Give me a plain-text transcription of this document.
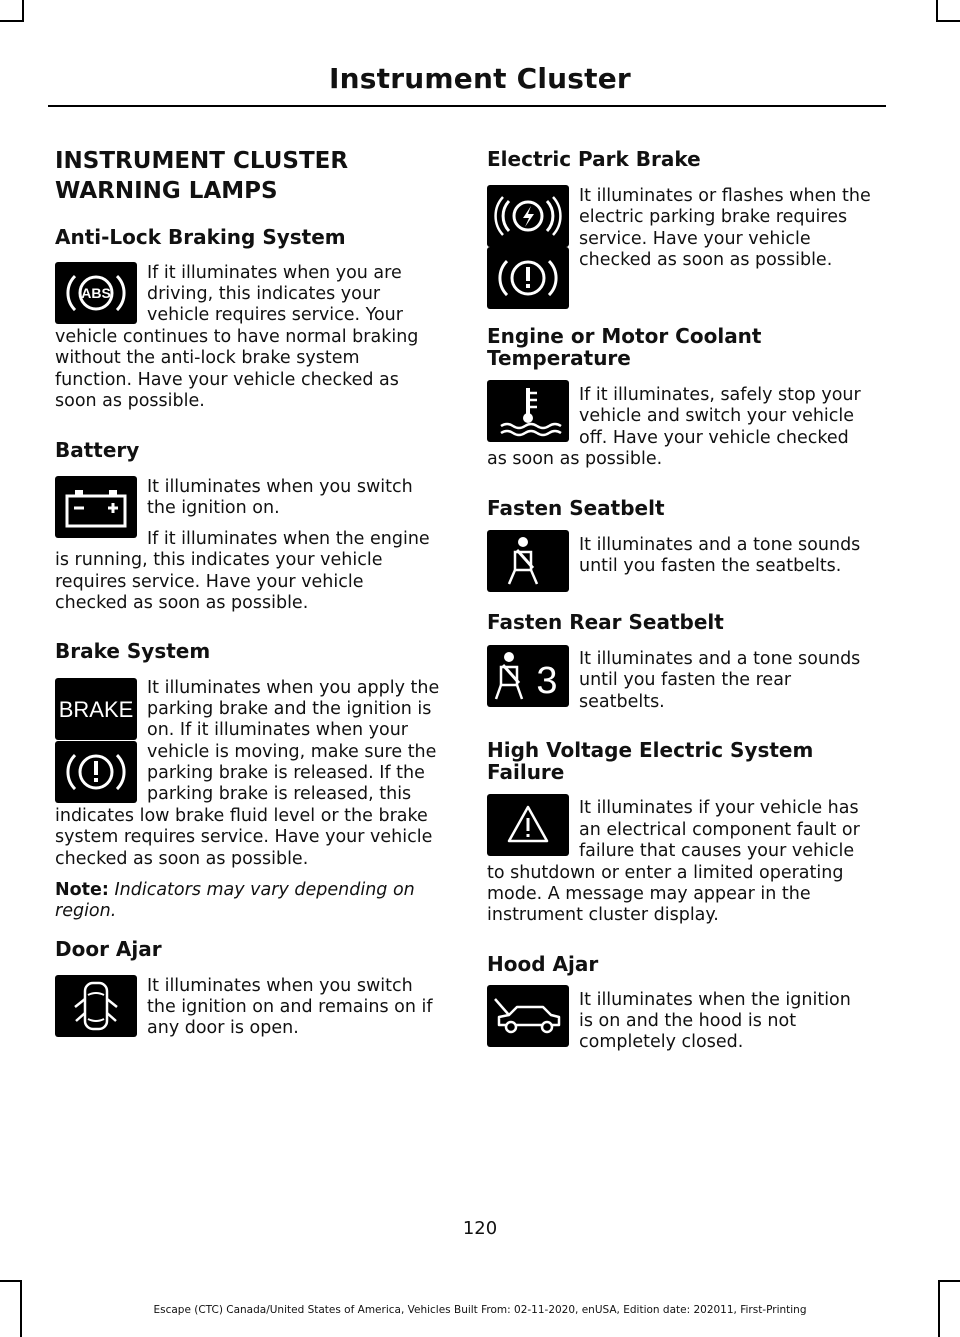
Instrument Cluster
INSTRUMENT CLUSTER
WARNING LAMPS
Anti-Lock Braking System
ABS

If it illuminates when you are

driving, this indicates your

vehicle requires service. Your

vehicle continues to have normal braking

without the anti-lock brake system

function. Have your vehicle checked as

soon as possible.

Battery

It illuminates when you switch

the ignition on.

If it illuminates when the engine

is running, this indicates your vehicle

requires service. Have your vehicle

checked as soon as possible.

Brake System
BRAKE

It illuminates when you apply the

parking brake and the ignition is

on. If it illuminates when your

vehicle is moving, make sure the

parking brake is released. If the

parking brake is released, this

indicates low brake fluid level or the brake

system requires service. Have your vehicle

checked as soon as possible.

Note: Indicators may vary depending on

region.

Door Ajar

It illuminates when you switch

the ignition on and remains on if

any door is open.

Electric Park Brake

It illuminates or flashes when the

electric parking brake requires

service. Have your vehicle

checked as soon as possible.

Engine or Motor Coolant
Temperature

If it illuminates, safely stop your

vehicle and switch your vehicle

off. Have your vehicle checked

as soon as possible.

Fasten Seatbelt

It illuminates and a tone sounds

until you fasten the seatbelts.

Fasten Rear Seatbelt
3

It illuminates and a tone sounds

until you fasten the rear

seatbelts.

High Voltage Electric System
Failure

It illuminates if your vehicle has

an electrical component fault or

failure that causes your vehicle

to shutdown or enter a limited operating

mode. A message may appear in the

instrument cluster display.

Hood Ajar

It illuminates when the ignition

is on and the hood is not

completely closed.

120
Escape (CTC) Canada/United States of America, Vehicles Built From: 02-11-2020, enUSA, Edition date: 202011, First-Printing
